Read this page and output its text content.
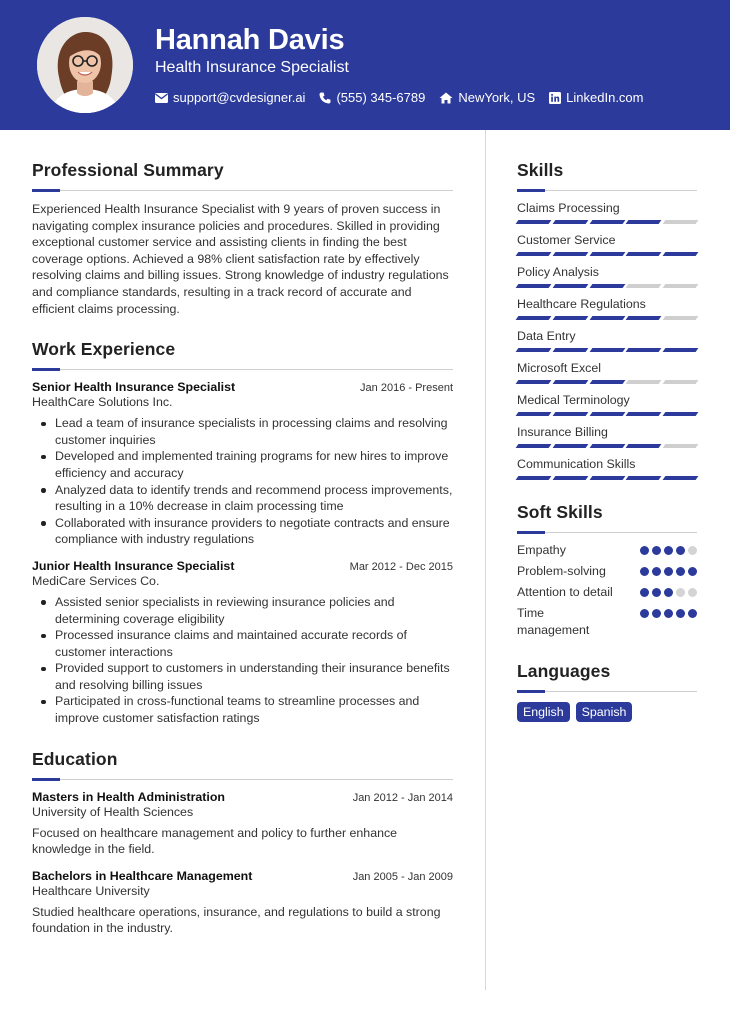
Hannah Davis
Health Insurance Specialist
support@cvdesigner.ai (555) 345-6789	NewYork, US LinkedIn.com
Professional Summary

Experienced Health Insurance Specialist with 9 years of proven success in navigating complex insurance policies and procedures. Skilled in providing exceptional customer service and assisting clients in finding the best coverage options. Achieved a 98% client satisfaction rate by effectively resolving claims and billing issues. Strong knowledge of industry regulations and compliance standards, resulting in a track record of accurate and efficient claims processing.

Work Experience
Senior Health Insurance Specialist	Jan 2016 - Present
HealthCare Solutions Inc.
Lead a team of insurance specialists in processing claims and resolving customer inquiries
Developed and implemented training programs for new hires to improve efficiency and accuracy
Analyzed data to identify trends and recommend process improvements, resulting in a 10% decrease in claim processing time
Collaborated with insurance providers to negotiate contracts and ensure compliance with industry regulations
Junior Health Insurance Specialist	Mar 2012 - Dec 2015
MediCare Services Co.
Assisted senior specialists in reviewing insurance policies and determining coverage eligibility
Processed insurance claims and maintained accurate records of customer interactions
Provided support to customers in understanding their insurance benefits and resolving billing issues
Participated in cross-functional teams to streamline processes and improve customer satisfaction ratings
Education
Masters in Health Administration	Jan 2012 - Jan 2014
University of Health Sciences
Focused on healthcare management and policy to further enhance knowledge in the field.
Bachelors in Healthcare Management	Jan 2005 - Jan 2009
Healthcare University
Studied healthcare operations, insurance, and regulations to build a strong foundation in the industry.
Skills
Claims Processing
Customer Service
Policy Analysis
Healthcare Regulations
Data Entry
Microsoft Excel
Medical Terminology
Insurance Billing
Communication Skills
Soft Skills
Empathy
Problem-solving
Attention to detail
Time management
Languages
English	Spanish
